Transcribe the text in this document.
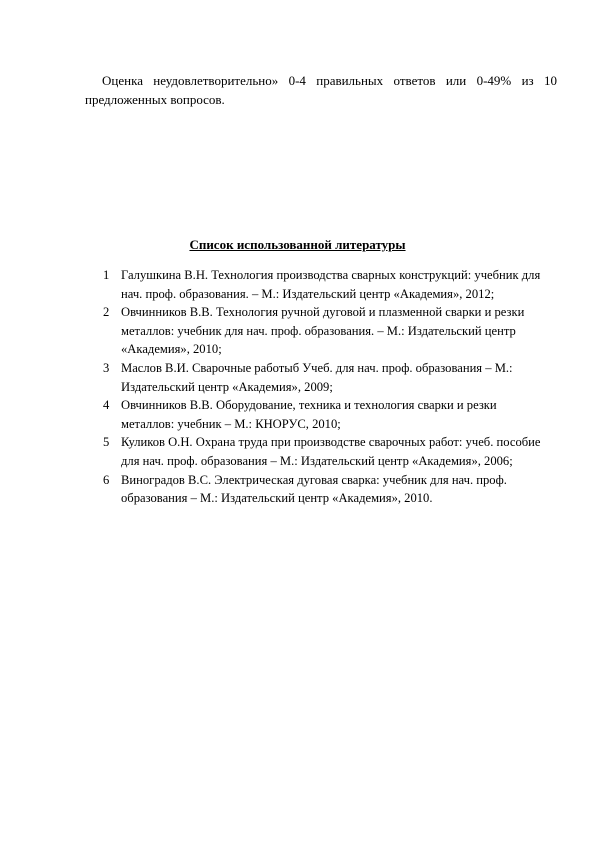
Оценка неудовлетворительно» 0-4 правильных ответов или 0-49% из 10 предложенных вопросов.

Список использованной литературы
1 Галушкина В.Н. Технология производства сварных конструкций: учебник для нач. проф. образования. – М.: Издательский центр «Академия», 2012;
2 Овчинников В.В. Технология ручной дуговой и плазменной сварки и резки металлов: учебник для нач. проф. образования. – М.: Издательский центр «Академия», 2010;
3 Маслов В.И. Сварочные работыб Учеб. для нач. проф. образования – М.: Издательский центр «Академия», 2009;
4 Овчинников В.В. Оборудование, техника и технология сварки и резки металлов: учебник – М.: КНОРУС, 2010;
5 Куликов О.Н. Охрана труда при производстве сварочных работ: учеб. пособие для нач. проф. образования – М.: Издательский центр «Академия», 2006;
6 Виноградов В.С. Электрическая дуговая сварка: учебник для нач. проф. образования – М.: Издательский центр «Академия», 2010.
